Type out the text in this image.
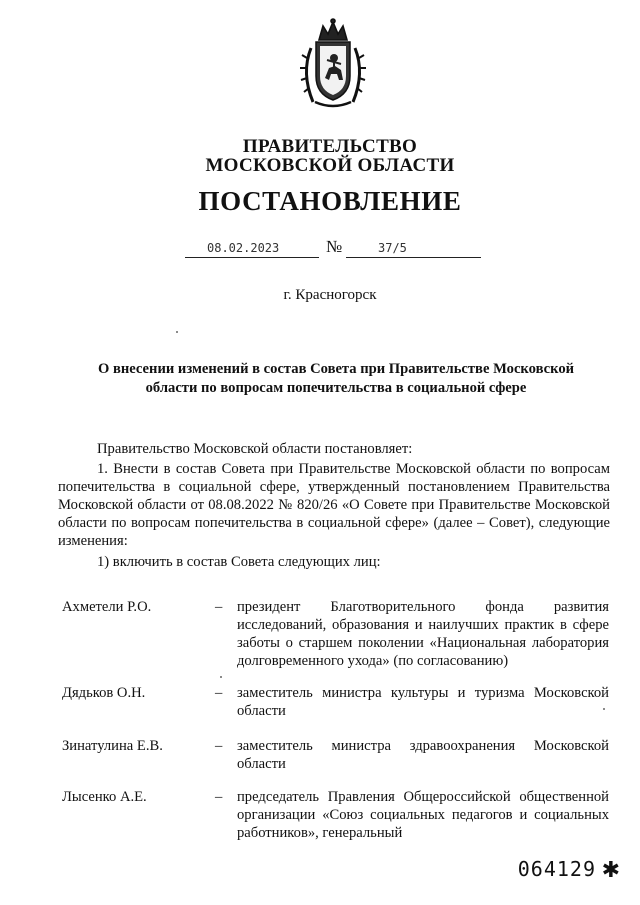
ПРАВИТЕЛЬСТВО
МОСКОВСКОЙ ОБЛАСТИ
ПОСТАНОВЛЕНИЕ
08.02.2023	№	37/5
г. Красногорск
О внесении изменений в состав Совета при Правительстве Московской области по вопросам попечительства в социальной сфере
Правительство Московской области постановляет:
1. Внести в состав Совета при Правительстве Московской области по вопросам попечительства в социальной сфере, утвержденный постановлением Правительства Московской области от 08.08.2022 № 820/26 «О Совете при Правительстве Московской области по вопросам попечительства в социальной сфере» (далее – Совет), следующие изменения:
1) включить в состав Совета следующих лиц:
Ахметели Р.О.	– президент Благотворительного фонда развития исследований, образования и наилучших практик в сфере заботы о старшем поколении «Национальная лаборатория долговременного ухода» (по согласованию)
Дядьков О.Н.	– заместитель министра культуры и туризма Московской области
Зинатулина Е.В.	– заместитель министра здравоохранения Московской области
Лысенко А.Е.	– председатель Правления Общероссийской общественной организации «Союз социальных педагогов и социальных работников», генеральный
064129 ✱
